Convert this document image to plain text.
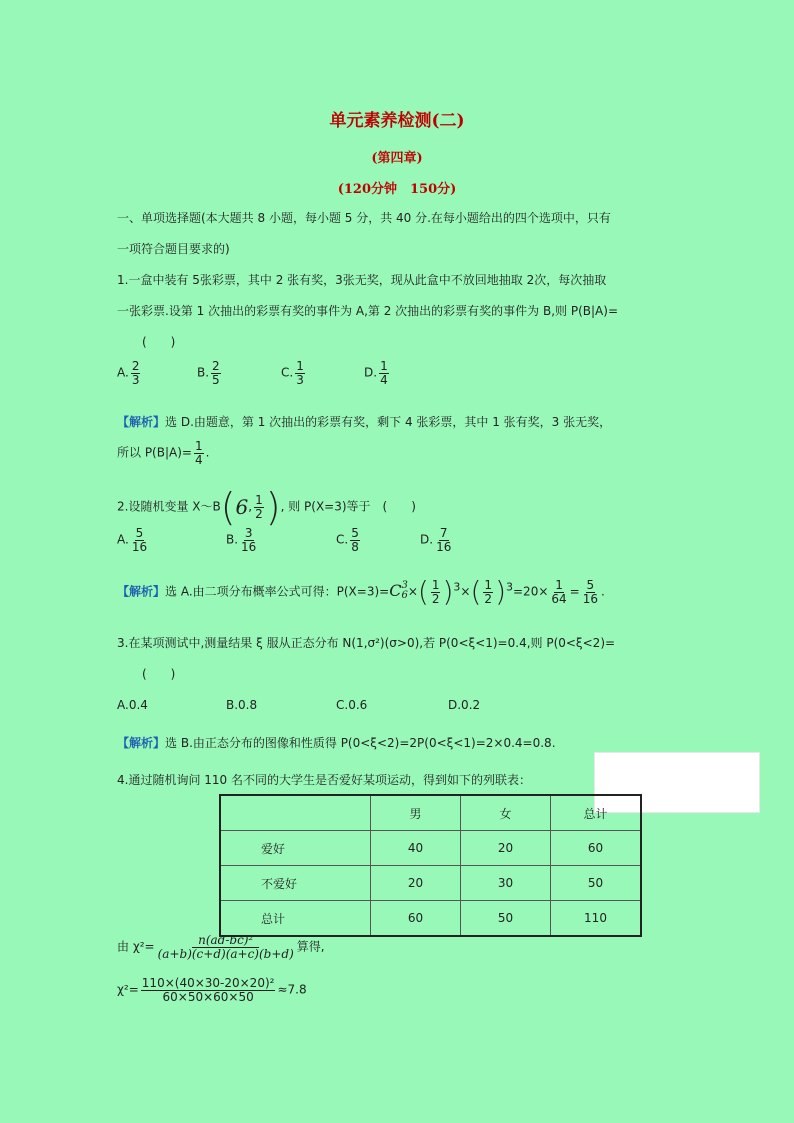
单元素养检测(二)
(第四章)
(120分钟　150分)
一、单项选择题(本大题共 8 小题，每小题 5 分，共 40 分.在每小题给出的四个选项中，只有
一项符合题目要求的)
1.一盒中装有 5张彩票，其中 2 张有奖，3张无奖，现从此盒中不放回地抽取 2次，每次抽取
一张彩票.设第 1 次抽出的彩票有奖的事件为 A,第 2 次抽出的彩票有奖的事件为 B,则 P(B|A)=
(　　)
A. $\frac{2}{3}$	B. $\frac{2}{5}$	C. $\frac{1}{3}$	D. $\frac{1}{4}$
【解析】选 D.由题意，第 1 次抽出的彩票有奖，剩下 4 张彩票，其中 1 张有奖，3 张无奖，
所以 $P(B|A)= \frac{1}{4}$ .
2.设随机变量 X～B(6, $\frac{1}{2}$ ), 则 P(X=3)等于　(　　)
A. $\frac{5}{16}$	B. $\frac{3}{16}$	C. $\frac{5}{8}$	D. $\frac{7}{16}$
【解析】选 A.由二项分布概率公式可得：P(X=3)=C 3
6 ×( $\frac{1}{2} )3\times( \frac{1}{2} )3=20\times \frac{1}{64} = \frac{5}{16}$ .
3.在某项测试中,测量结果 ξ 服从正态分布 N(1,σ²)(σ>0),若 P(0<ξ<1)=0.4,则 P(0<ξ<2)=
(　　)
A.0.4	B.0.8	C.0.6	D.0.2
【解析】选 B.由正态分布的图像和性质得 P(0<ξ<2)=2P(0<ξ<1)=2×0.4=0.8.
4.通过随机询问 110 名不同的大学生是否爱好某项运动，得到如下的列联表：
	男	女	总计
爱好	40	20	60
不爱好	20	30	50
总计	60	50	110
由 $\chi^2= \frac{\text{n(ad-bc)²}}{(a+b)(c+d)(a+c)(b+d)}$ 算得,
$\chi^2= \frac{\text{110×(40×30-20×20)²}}{60\times 50\times 60\times 50} \approx 7.8$
